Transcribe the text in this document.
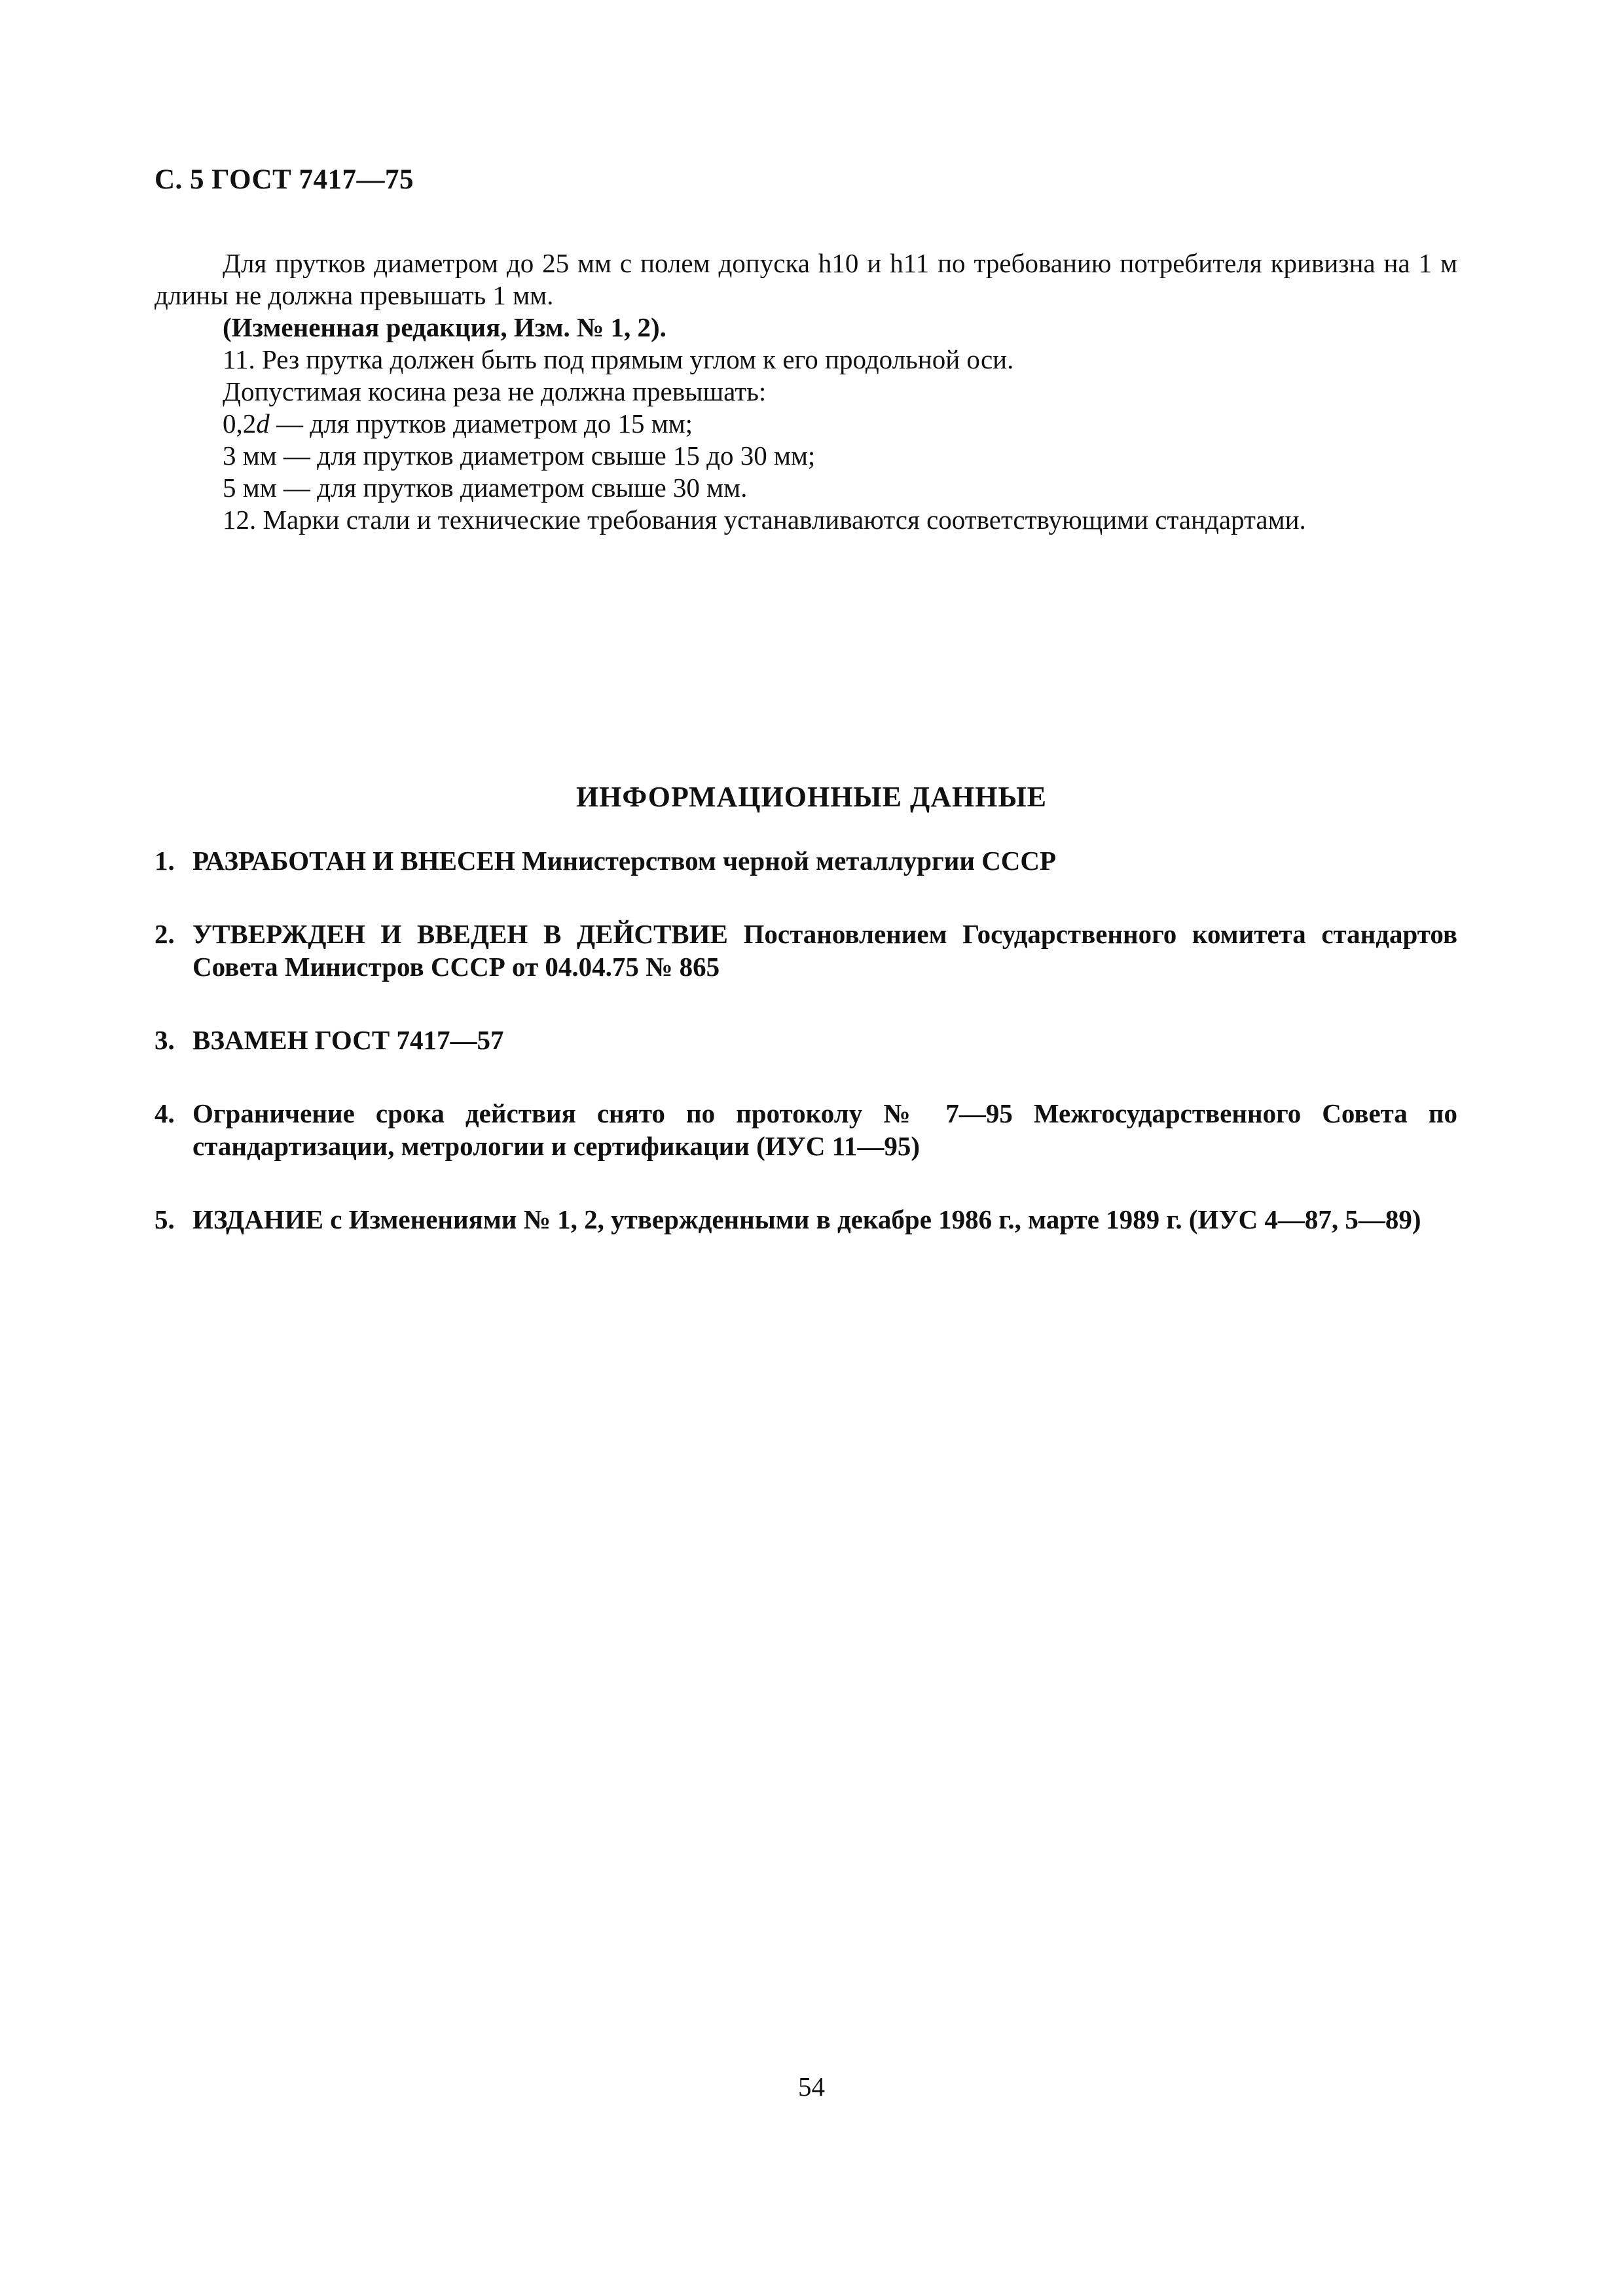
С. 5 ГОСТ 7417—75

Для прутков диаметром до 25 мм с полем допуска h10 и h11 по требованию потребителя кривизна на 1 м длины не должна превышать 1 мм.

(Измененная редакция, Изм. № 1, 2).

11. Рез прутка должен быть под прямым углом к его продольной оси.

Допустимая косина реза не должна превышать:

0,2d — для прутков диаметром до 15 мм;

3 мм — для прутков диаметром свыше 15 до 30 мм;

5 мм — для прутков диаметром свыше 30 мм.

12. Марки стали и технические требования устанавливаются соответствующими стандартами.

ИНФОРМАЦИОННЫЕ ДАННЫЕ
1. РАЗРАБОТАН И ВНЕСЕН Министерством черной металлургии СССР
2. УТВЕРЖДЕН И ВВЕДЕН В ДЕЙСТВИЕ Постановлением Государственного комитета стандартов Совета Министров СССР от 04.04.75 № 865
3. ВЗАМЕН ГОСТ 7417—57
4. Ограничение срока действия снято по протоколу № 7—95 Межгосударственного Совета по стандартизации, метрологии и сертификации (ИУС 11—95)
5. ИЗДАНИЕ с Изменениями № 1, 2, утвержденными в декабре 1986 г., марте 1989 г. (ИУС 4—87, 5—89)
54
